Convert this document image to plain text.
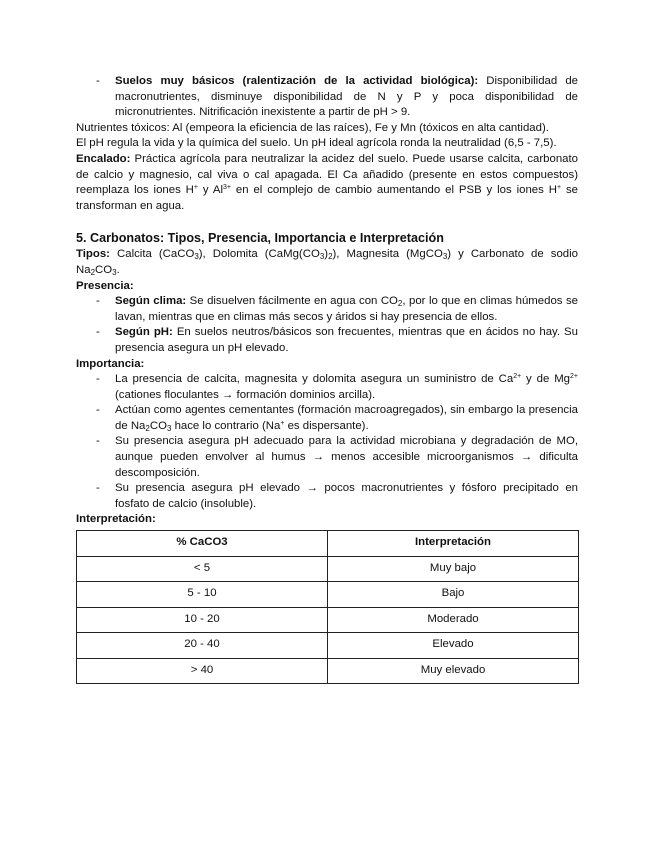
-	Suelos muy básicos (ralentización de la actividad biológica): Disponibilidad de macronutrientes, disminuye disponibilidad de N y P y poca disponibilidad de micronutrientes. Nitrificación inexistente a partir de pH > 9.

Nutrientes tóxicos: Al (empeora la eficiencia de las raíces), Fe y Mn (tóxicos en alta cantidad).

El pH regula la vida y la química del suelo. Un pH ideal agrícola ronda la neutralidad (6,5 - 7,5).

Encalado: Práctica agrícola para neutralizar la acidez del suelo. Puede usarse calcita, carbonato de calcio y magnesio, cal viva o cal apagada. El Ca añadido (presente en estos compuestos) reemplaza los iones H+ y $Al^{3+}$ en el complejo de cambio aumentando el PSB y los iones H+ se transforman en agua.

5. Carbonatos: Tipos, Presencia, Importancia e Interpretación

Tipos: Calcita (CaCO$_3$), Dolomita $(CaMg(CO_3)_2)$, Magnesita (MgCO$_3$) y Carbonato de sodio $Na_2CO_3$.

Presencia:

-	Según clima: Se disuelven fácilmente en agua con $CO_2$, por lo que en climas húmedos se lavan, mientras que en climas más secos y áridos si hay presencia de ellos.
-	Según pH: En suelos neutros/básicos son frecuentes, mientras que en ácidos no hay. Su presencia asegura un pH elevado.

Importancia:

-	La presencia de calcita, magnesita y dolomita asegura un suministro de $Ca^{2+}$ y de $Mg^{2+}$ (cationes floculantes → formación dominios arcilla).
-	Actúan como agentes cementantes (formación macroagregados), sin embargo la presencia de $Na_2CO_3$ hace lo contrario (Na+ es dispersante).
-	Su presencia asegura pH adecuado para la actividad microbiana y degradación de MO, aunque pueden envolver al humus → menos accesible microorganismos → dificulta descomposición.
-	Su presencia asegura pH elevado → pocos macronutrientes y fósforo precipitado en fosfato de calcio (insoluble).

Interpretación:

% CaCO3	Interpretación
< 5	Muy bajo
5 - 10	Bajo
10 - 20	Moderado
20 - 40	Elevado
> 40	Muy elevado
